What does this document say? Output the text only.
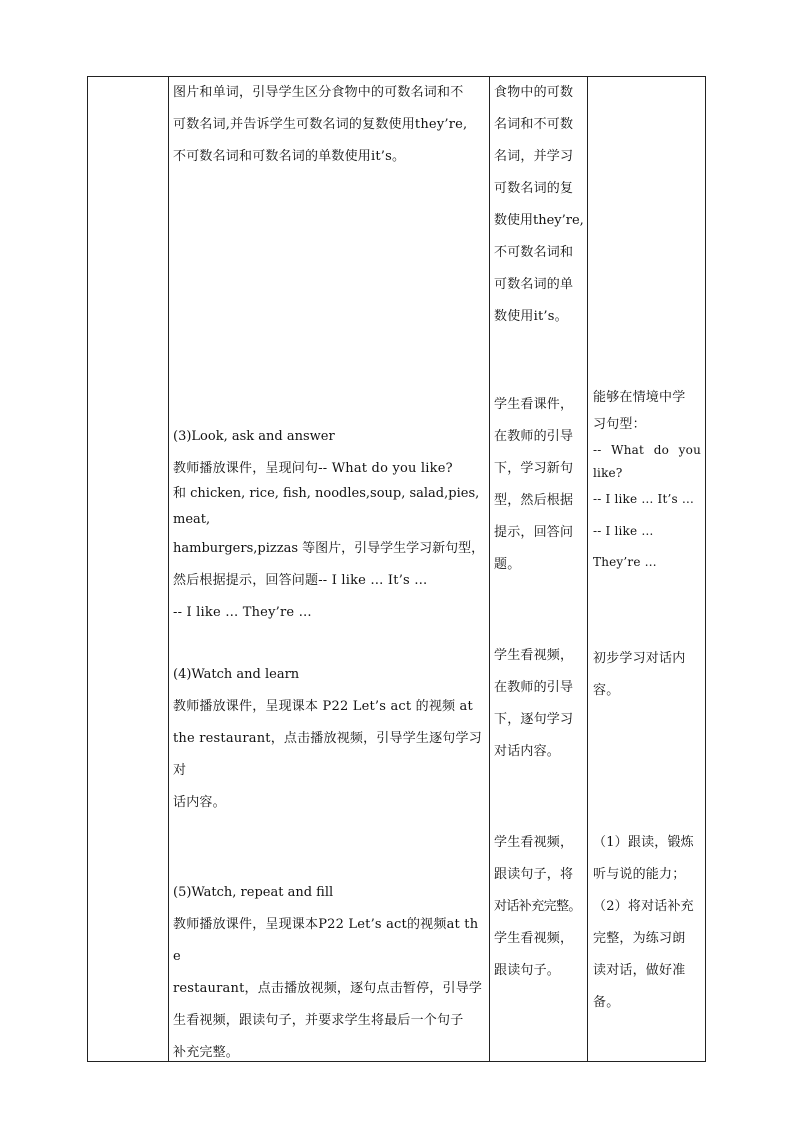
图片和单词，引导学生区分食物中的可数名词和不

可数名词,并告诉学生可数名词的复数使用they’re,

不可数名词和可数名词的单数使用it’s。

(3)Look, ask and answer

教师播放课件，呈现问句-- What do you like?

和 chicken, rice, fish, noodles,soup, salad,pies,meat,

hamburgers,pizzas 等图片，引导学生学习新句型，

然后根据提示，回答问题-- I like … It’s …

-- I like … They’re …

(4)Watch and learn

教师播放课件，呈现课本 P22 Let’s act 的视频 at

the restaurant，点击播放视频，引导学生逐句学习对

话内容。

(5)Watch, repeat and fill

教师播放课件，呈现课本P22 Let’s act的视频at the

restaurant，点击播放视频，逐句点击暂停，引导学

生看视频，跟读句子，并要求学生将最后一个句子

补充完整。

食物中的可数

名词和不可数

名词，并学习

可数名词的复

数使用they’re,

不可数名词和

可数名词的单

数使用it’s。

学生看课件，

在教师的引导

下，学习新句

型，然后根据

提示，回答问

题。

学生看视频，

在教师的引导

下，逐句学习

对话内容。

学生看视频，

跟读句子，将

对话补充完整。

学生看视频，

跟读句子。

能够在情境中学

习句型：

-- What do you

like?

-- I like … It’s …

-- I like …

They’re …

初步学习对话内

容。

（1）跟读，锻炼

听与说的能力；

（2）将对话补充

完整，为练习朗

读对话，做好准

备。
